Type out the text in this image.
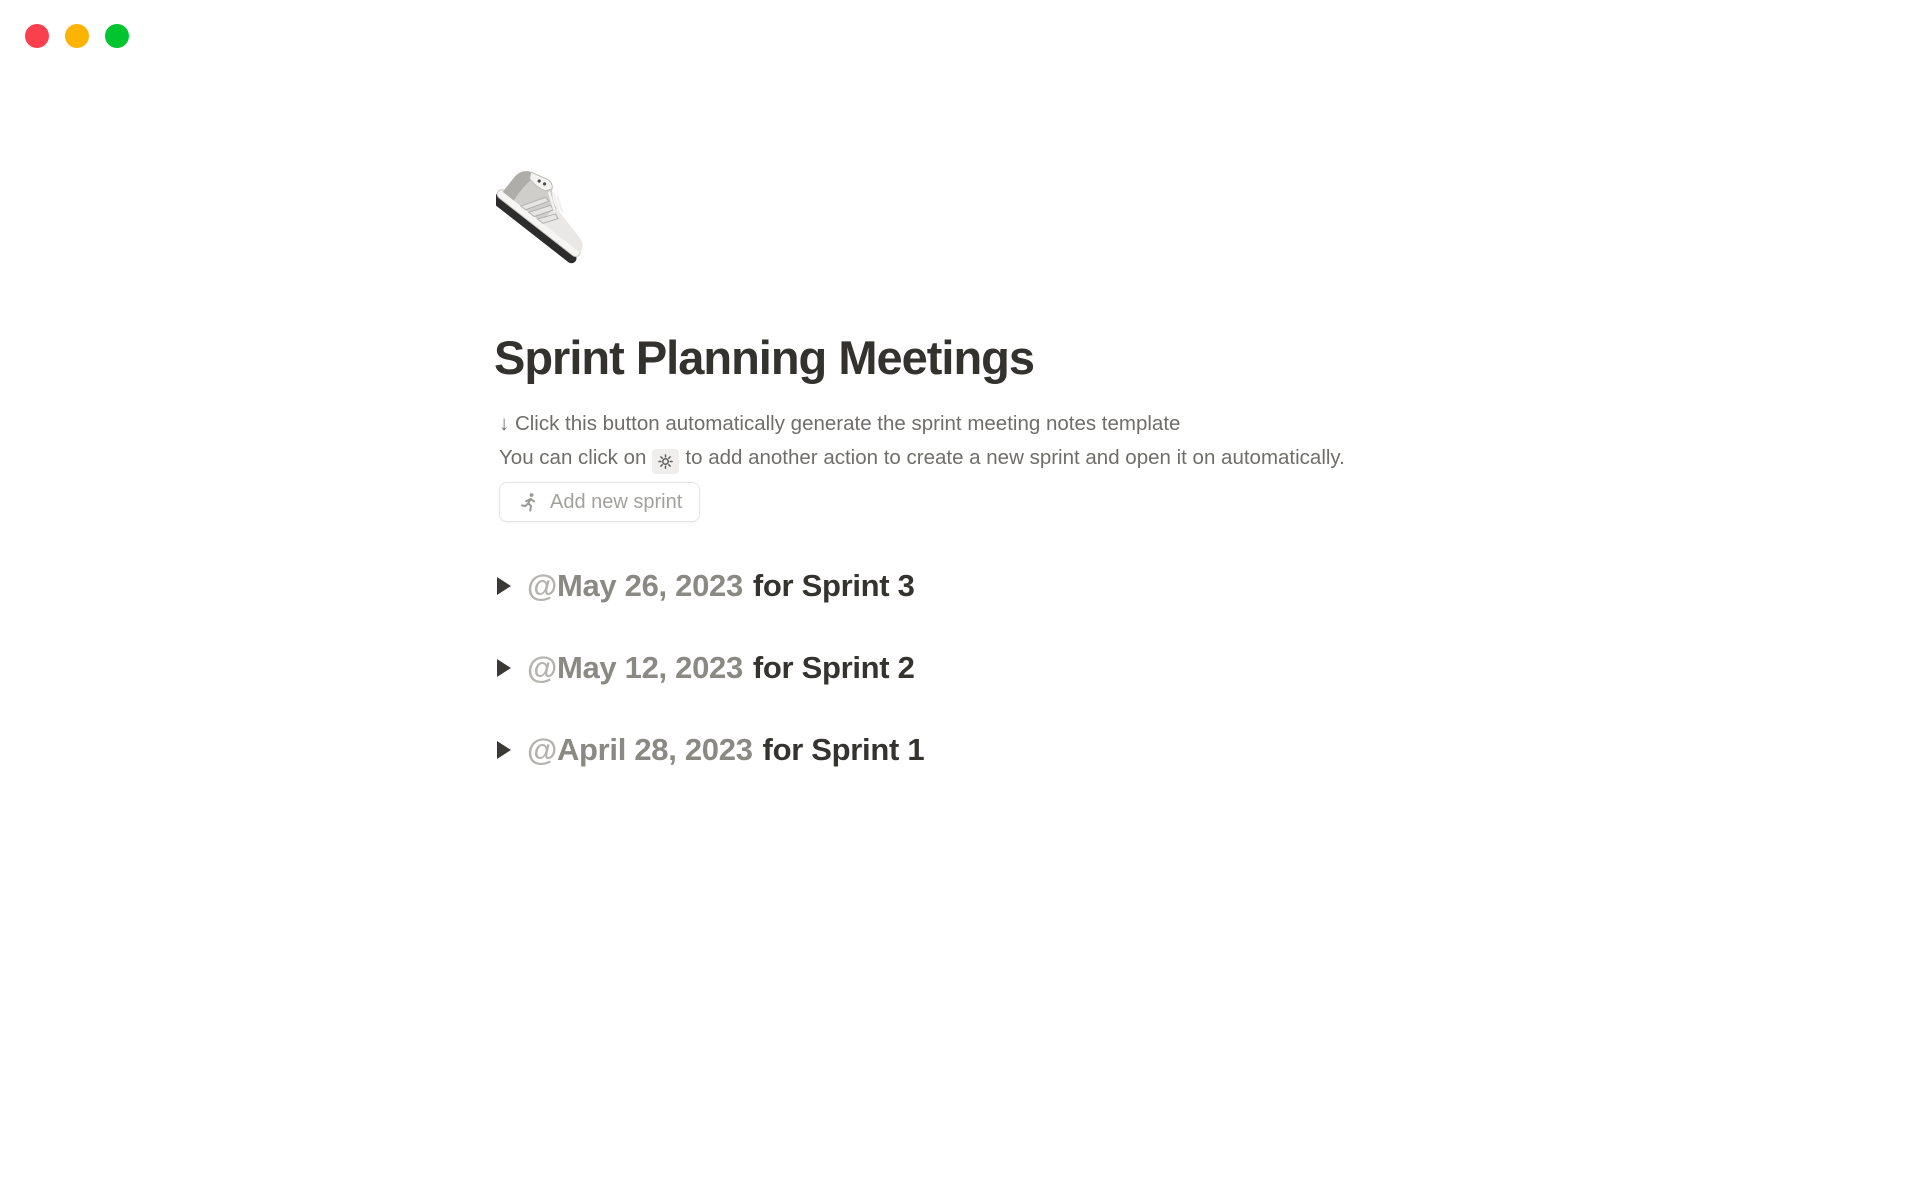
Sprint Planning Meetings

↓ Click this button automatically generate the sprint meeting notes template

You can click on to add another action to create a new sprint and open it on automatically.

Add new sprint
@May 26, 2023 for Sprint 3
@May 12, 2023 for Sprint 2
@April 28, 2023 for Sprint 1
